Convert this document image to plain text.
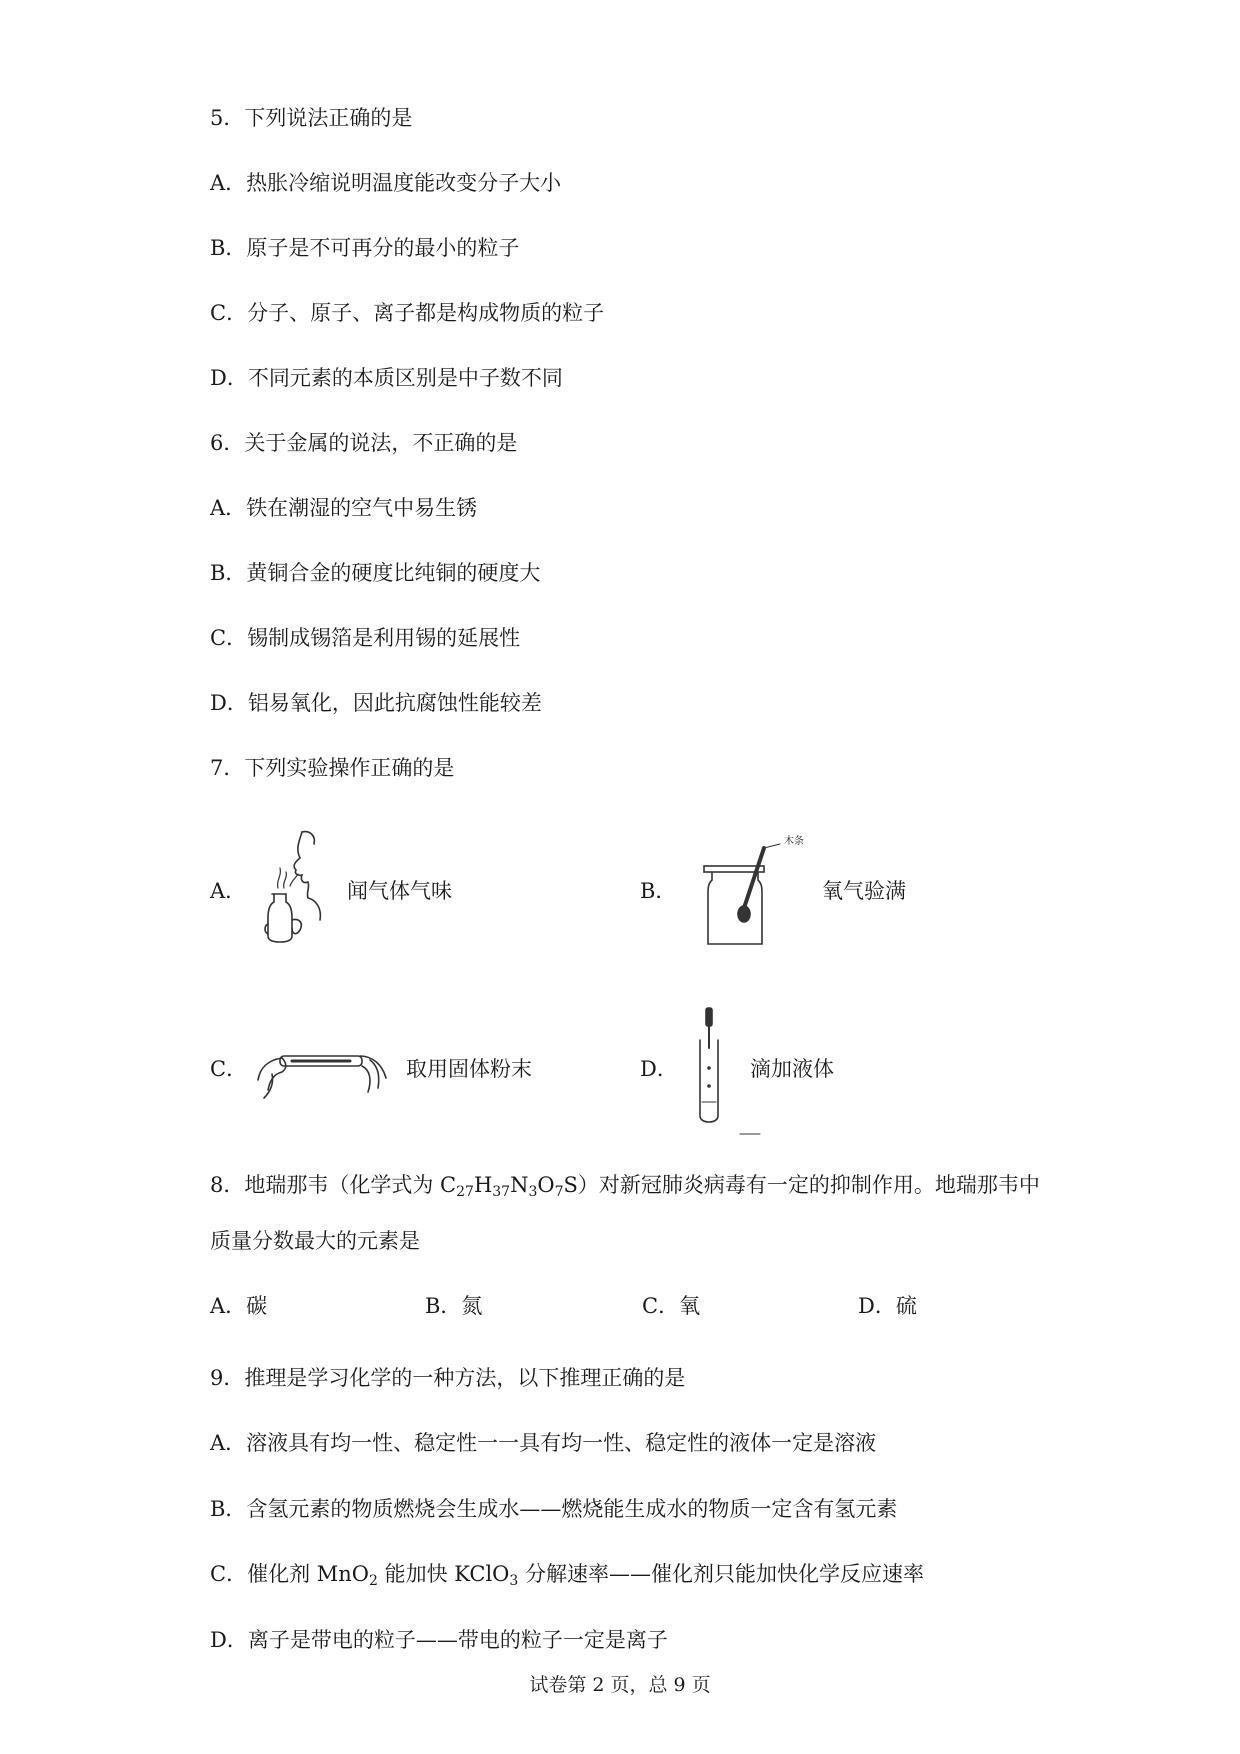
5．下列说法正确的是
A．热胀冷缩说明温度能改变分子大小
B．原子是不可再分的最小的粒子
C．分子、原子、离子都是构成物质的粒子
D．不同元素的本质区别是中子数不同
6．关于金属的说法，不正确的是
A．铁在潮湿的空气中易生锈
B．黄铜合金的硬度比纯铜的硬度大
C．锡制成锡箔是利用锡的延展性
D．铝易氧化，因此抗腐蚀性能较差
7．下列实验操作正确的是
A．	闻气体气味	B．
木条
氧气验满
C．	取用固体粉末	D．	滴加液体
8．地瑞那韦（化学式为 $C_{27}H_{37}N_3O_7S$）对新冠肺炎病毒有一定的抑制作用。地瑞那韦中
质量分数最大的元素是
A．碳	B．氮	C．氧	D．硫
9．推理是学习化学的一种方法，以下推理正确的是
A．溶液具有均一性、稳定性一一具有均一性、稳定性的液体一定是溶液
B．含氢元素的物质燃烧会生成水——燃烧能生成水的物质一定含有氢元素
C．催化剂 MnO$_2$ 能加快 KClO$_3$ 分解速率——催化剂只能加快化学反应速率
D．离子是带电的粒子——带电的粒子一定是离子
试卷第 2 页，总 9 页
